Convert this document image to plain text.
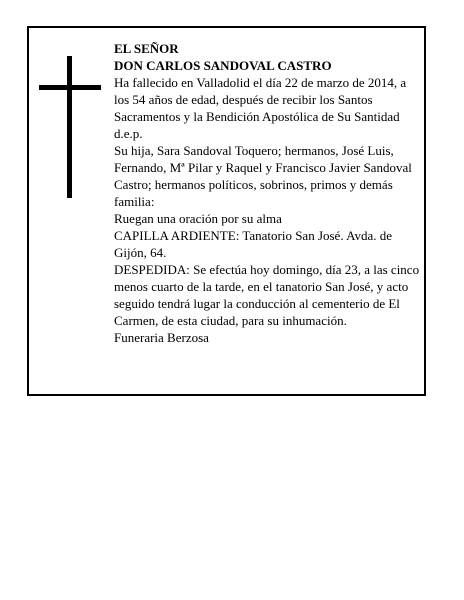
EL SEÑOR

DON CARLOS SANDOVAL CASTRO

Ha fallecido en Valladolid el día 22 de marzo de 2014, a los 54 años de edad, después de recibir los Santos Sacramentos y la Bendición Apostólica de Su Santidad d.e.p.

Su hija, Sara Sandoval Toquero; hermanos, José Luis, Fernando, Mª Pilar y Raquel y Francisco Javier Sandoval Castro; hermanos políticos, sobrinos, primos y demás familia:

Ruegan una oración por su alma

CAPILLA ARDIENTE: Tanatorio San José. Avda. de Gijón, 64.

DESPEDIDA: Se efectúa hoy domingo, día 23, a las cinco menos cuarto de la tarde, en el tanatorio San José, y acto seguido tendrá lugar la conducción al cementerio de El Carmen, de esta ciudad, para su inhumación.

Funeraria Berzosa
